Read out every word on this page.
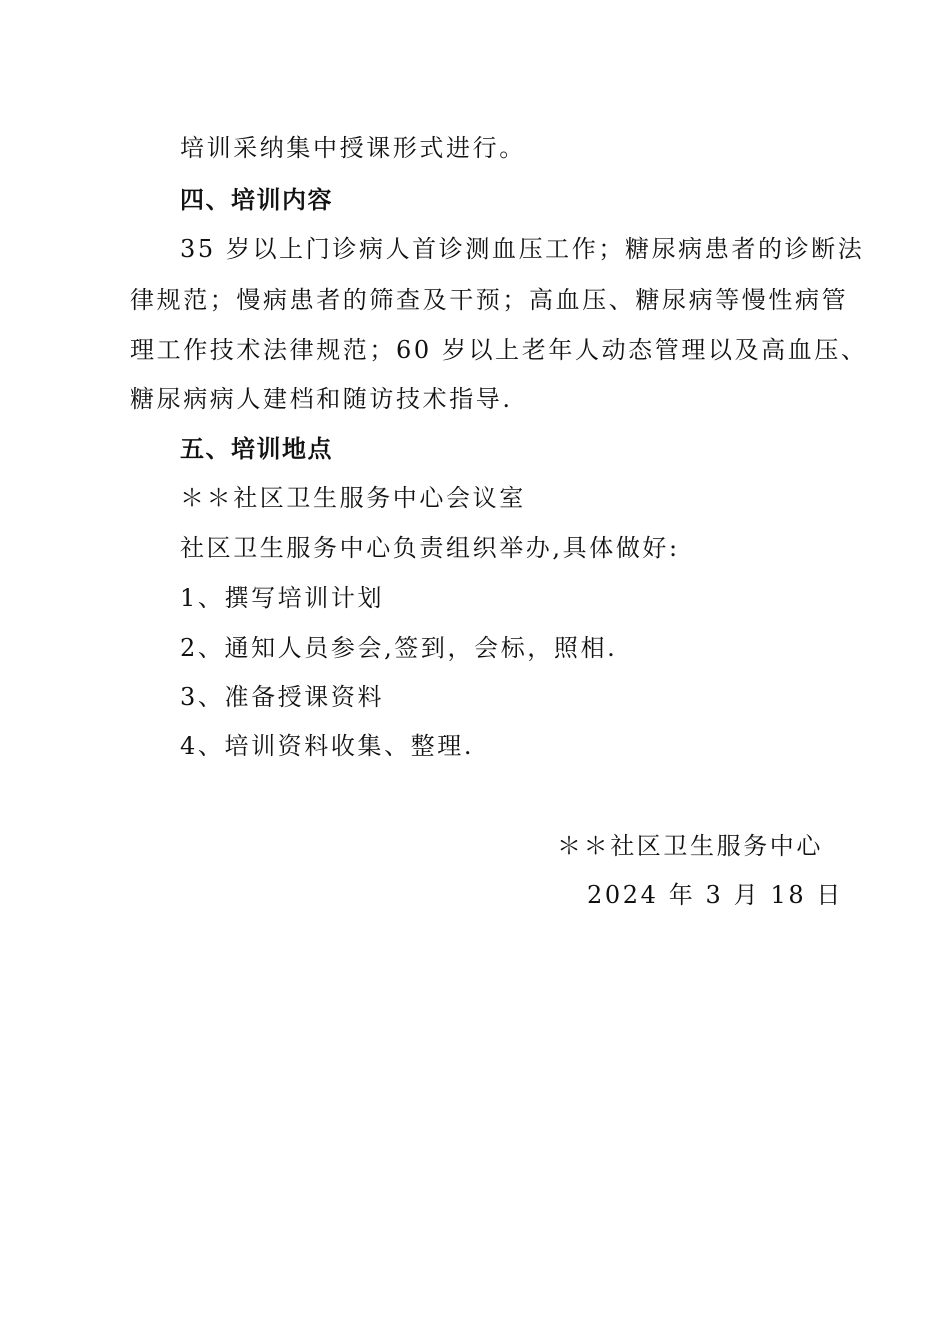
培训采纳集中授课形式进行。
四、培训内容
35 岁以上门诊病人首诊测血压工作；糖尿病患者的诊断法
律规范；慢病患者的筛查及干预；高血压、糖尿病等慢性病管
理工作技术法律规范；60 岁以上老年人动态管理以及高血压、
糖尿病病人建档和随访技术指导.
五、培训地点
＊＊社区卫生服务中心会议室
社区卫生服务中心负责组织举办,具体做好:
1、撰写培训计划
2、通知人员参会,签到，会标，照相.
3、准备授课资料
4、培训资料收集、整理.
＊＊社区卫生服务中心
2024 年 3 月 18 日
